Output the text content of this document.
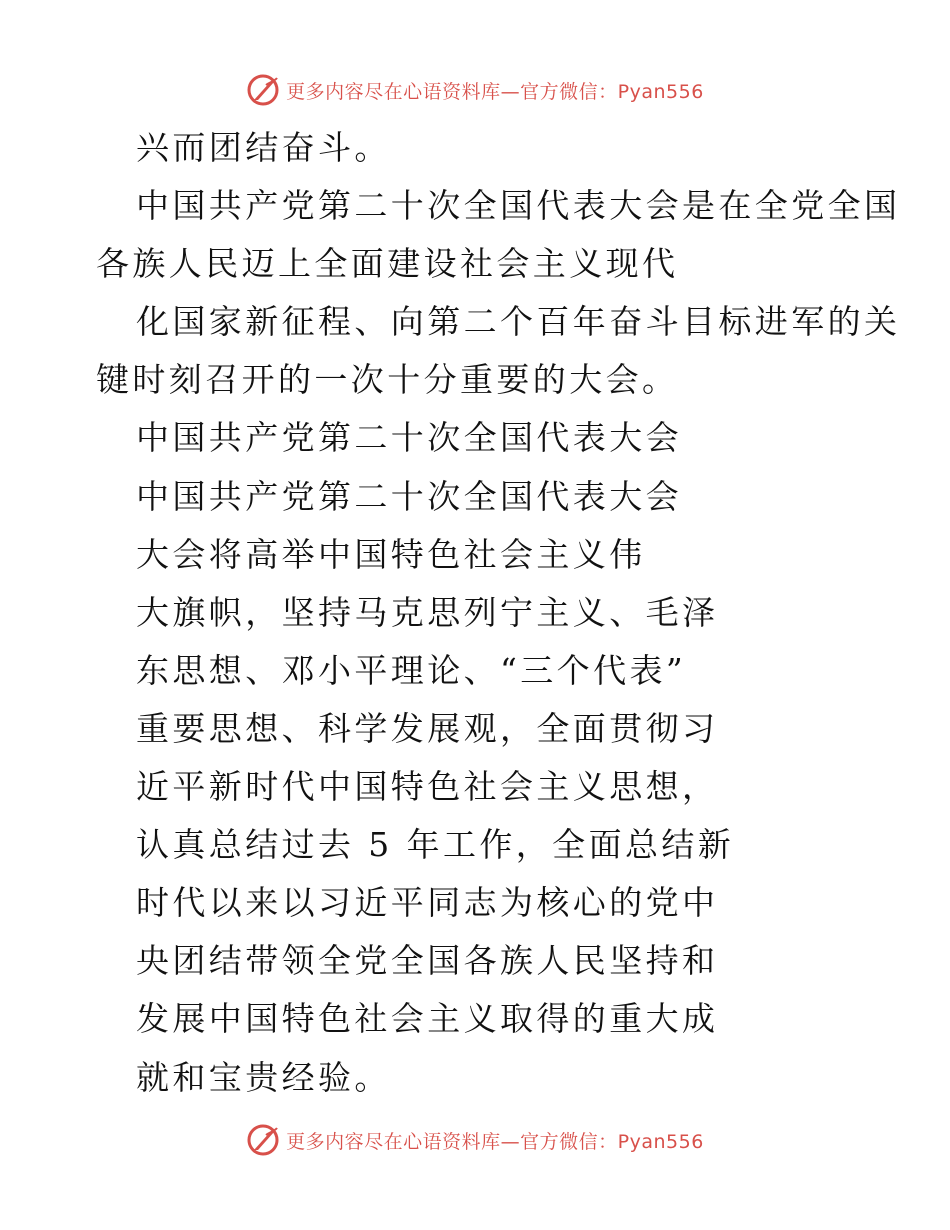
更多内容尽在心语资料库—官方微信：Pyan556
兴而团结奋斗。
中国共产党第二十次全国代表大会是在全党全国
各族人民迈上全面建设社会主义现代
化国家新征程、向第二个百年奋斗目标进军的关
键时刻召开的一次十分重要的大会。
中国共产党第二十次全国代表大会
中国共产党第二十次全国代表大会
大会将高举中国特色社会主义伟
大旗帜，坚持马克思列宁主义、毛泽
东思想、邓小平理论、“三个代表”
重要思想、科学发展观，全面贯彻习
近平新时代中国特色社会主义思想，
认真总结过去 5 年工作，全面总结新
时代以来以习近平同志为核心的党中
央团结带领全党全国各族人民坚持和
发展中国特色社会主义取得的重大成
就和宝贵经验。
更多内容尽在心语资料库—官方微信：Pyan556
